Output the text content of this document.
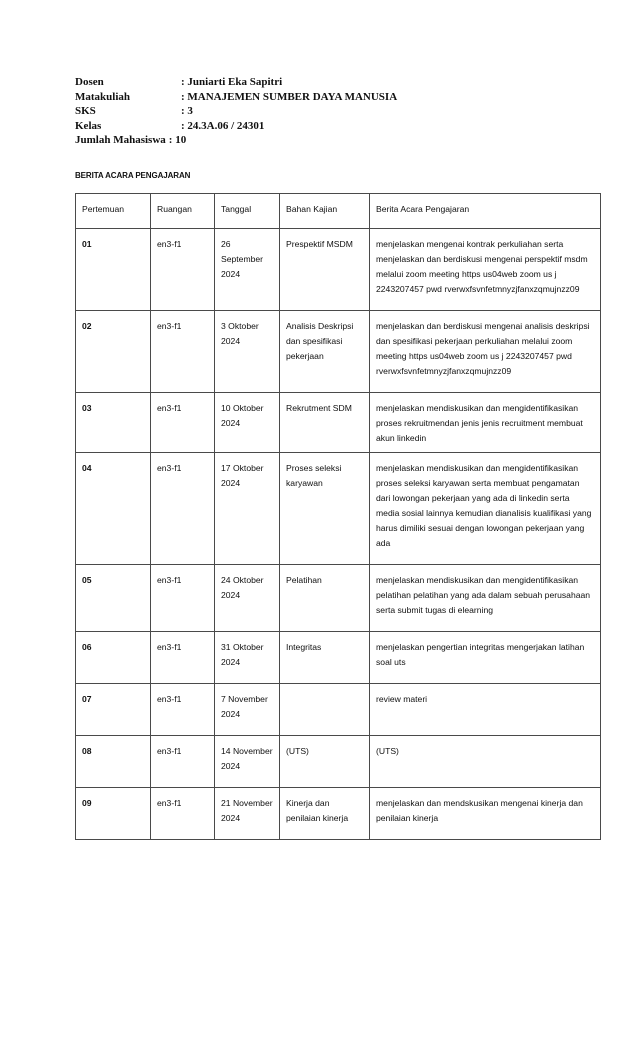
Dosen	: Juniarti Eka Sapitri
Matakuliah	: MANAJEMEN SUMBER DAYA MANUSIA
SKS	: 3
Kelas	: 24.3A.06 / 24301
Jumlah Mahasiswa : 10
BERITA ACARA PENGAJARAN
Pertemuan	Ruangan	Tanggal	Bahan Kajian	Berita Acara Pengajaran
01	en3-f1	26 September 2024	Prespektif MSDM	menjelaskan mengenai kontrak perkuliahan serta menjelaskan dan berdiskusi mengenai perspektif msdm melalui zoom meeting https us04web zoom us j 2243207457 pwd rverwxfsvnfetmnyzjfanxzqmujnzz09
02	en3-f1	3 Oktober 2024	Analisis Deskripsi dan spesifikasi pekerjaan	menjelaskan dan berdiskusi mengenai analisis deskripsi dan spesifikasi pekerjaan perkuliahan melalui zoom meeting https us04web zoom us j 2243207457 pwd rverwxfsvnfetmnyzjfanxzqmujnzz09
03	en3-f1	10 Oktober 2024	Rekrutment SDM	menjelaskan mendiskusikan dan mengidentifikasikan proses rekruitmendan jenis jenis recruitment membuat akun linkedin
04	en3-f1	17 Oktober 2024	Proses seleksi karyawan	menjelaskan mendiskusikan dan mengidentifikasikan proses seleksi karyawan serta membuat pengamatan dari lowongan pekerjaan yang ada di linkedin serta media sosial lainnya kemudian dianalisis kualifikasi yang harus dimiliki sesuai dengan lowongan pekerjaan yang ada
05	en3-f1	24 Oktober 2024	Pelatihan	menjelaskan mendiskusikan dan mengidentifikasikan pelatihan pelatihan yang ada dalam sebuah perusahaan serta submit tugas di elearning
06	en3-f1	31 Oktober 2024	Integritas	menjelaskan pengertian integritas mengerjakan latihan soal uts
07	en3-f1	7 November 2024		review materi
08	en3-f1	14 November 2024	(UTS)	(UTS)
09	en3-f1	21 November 2024	Kinerja dan penilaian kinerja	menjelaskan dan mendskusikan mengenai kinerja dan penilaian kinerja
